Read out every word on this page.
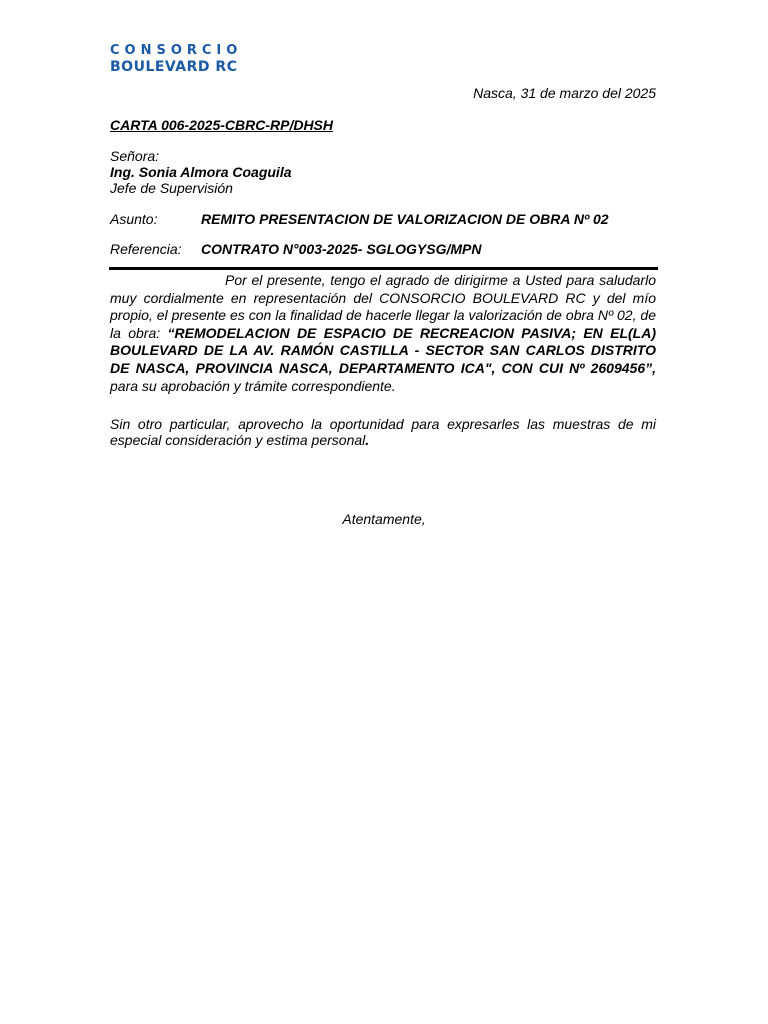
CONSORCIO
BOULEVARD RC
Nasca, 31 de marzo del 2025
CARTA 006-2025-CBRC-RP/DHSH
Señora:
Ing. Sonia Almora Coaguila
Jefe de Supervisión
Asunto:	REMITO PRESENTACION DE VALORIZACION DE OBRA Nº 02
Referencia: CONTRATO N°003-2025- SGLOGYSG/MPN
Por el presente, tengo el agrado de dirigirme a Usted para saludarlo muy cordialmente en representación del CONSORCIO BOULEVARD RC y del mío propio, el presente es con la finalidad de hacerle llegar la valorización de obra Nº 02, de la obra: “REMODELACION DE ESPACIO DE RECREACION PASIVA; EN EL(LA) BOULEVARD DE LA AV. RAMÓN CASTILLA - SECTOR SAN CARLOS DISTRITO DE NASCA, PROVINCIA NASCA, DEPARTAMENTO ICA", CON CUI Nº 2609456”, para su aprobación y trámite correspondiente.
Sin otro particular, aprovecho la oportunidad para expresarles las muestras de mi especial consideración y estima personal.
Atentamente,
